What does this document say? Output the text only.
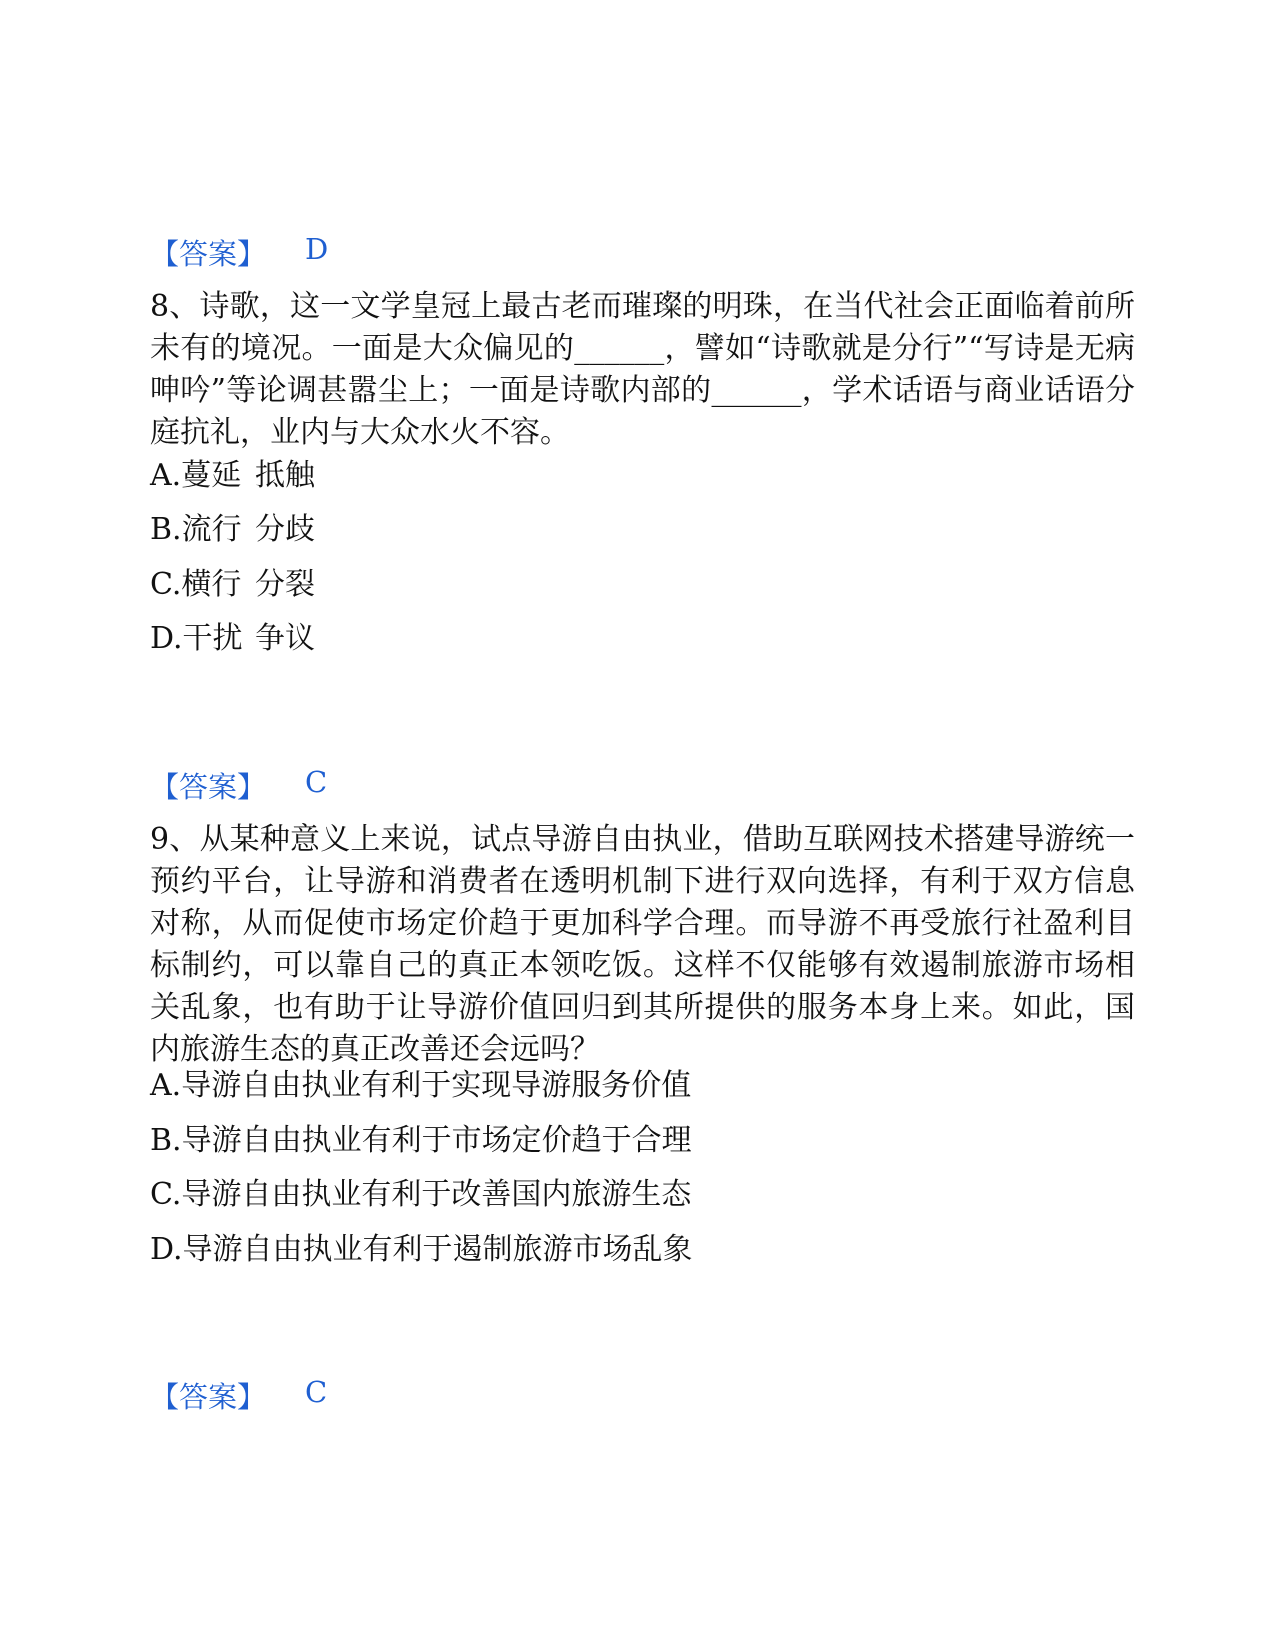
【答案】 D
8、诗歌，这一文学皇冠上最古老而璀璨的明珠，在当代社会正面临着前所未有的境况。一面是大众偏见的______，譬如“诗歌就是分行”“写诗是无病呻吟”等论调甚嚣尘上；一面是诗歌内部的______，学术话语与商业话语分庭抗礼，业内与大众水火不容。
A.蔓延 抵触
B.流行 分歧
C.横行 分裂
D.干扰 争议
【答案】 C
9、从某种意义上来说，试点导游自由执业，借助互联网技术搭建导游统一预约平台，让导游和消费者在透明机制下进行双向选择，有利于双方信息对称，从而促使市场定价趋于更加科学合理。而导游不再受旅行社盈利目标制约，可以靠自己的真正本领吃饭。这样不仅能够有效遏制旅游市场相关乱象，也有助于让导游价值回归到其所提供的服务本身上来。如此，国内旅游生态的真正改善还会远吗？
A.导游自由执业有利于实现导游服务价值
B.导游自由执业有利于市场定价趋于合理
C.导游自由执业有利于改善国内旅游生态
D.导游自由执业有利于遏制旅游市场乱象
【答案】 C
